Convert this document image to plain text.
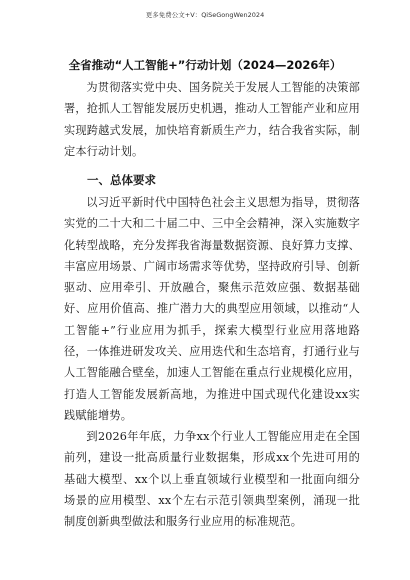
更多免费公文+V：QiSeGongWen2024
全省推动“人工智能+”行动计划（2024—2026年）

为贯彻落实党中央、国务院关于发展人工智能的决策部署，抢抓人工智能发展历史机遇，推动人工智能产业和应用实现跨越式发展，加快培育新质生产力，结合我省实际，制定本行动计划。

一、总体要求

以习近平新时代中国特色社会主义思想为指导，贯彻落实党的二十大和二十届二中、三中全会精神，深入实施数字化转型战略，充分发挥我省海量数据资源、良好算力支撑、丰富应用场景、广阔市场需求等优势，坚持政府引导、创新驱动、应用牵引、开放融合，聚焦示范效应强、数据基础好、应用价值高、推广潜力大的典型应用领域，以推动“人工智能+”行业应用为抓手，探索大模型行业应用落地路径，一体推进研发攻关、应用迭代和生态培育，打通行业与人工智能融合壁垒，加速人工智能在重点行业规模化应用，打造人工智能发展新高地，为推进中国式现代化建设xx实践赋能增势。

到2026年年底，力争xx个行业人工智能应用走在全国前列，建设一批高质量行业数据集，形成xx个先进可用的基础大模型、xx个以上垂直领域行业模型和一批面向细分场景的应用模型、xx个左右示范引领典型案例，涌现一批制度创新典型做法和服务行业应用的标准规范。
